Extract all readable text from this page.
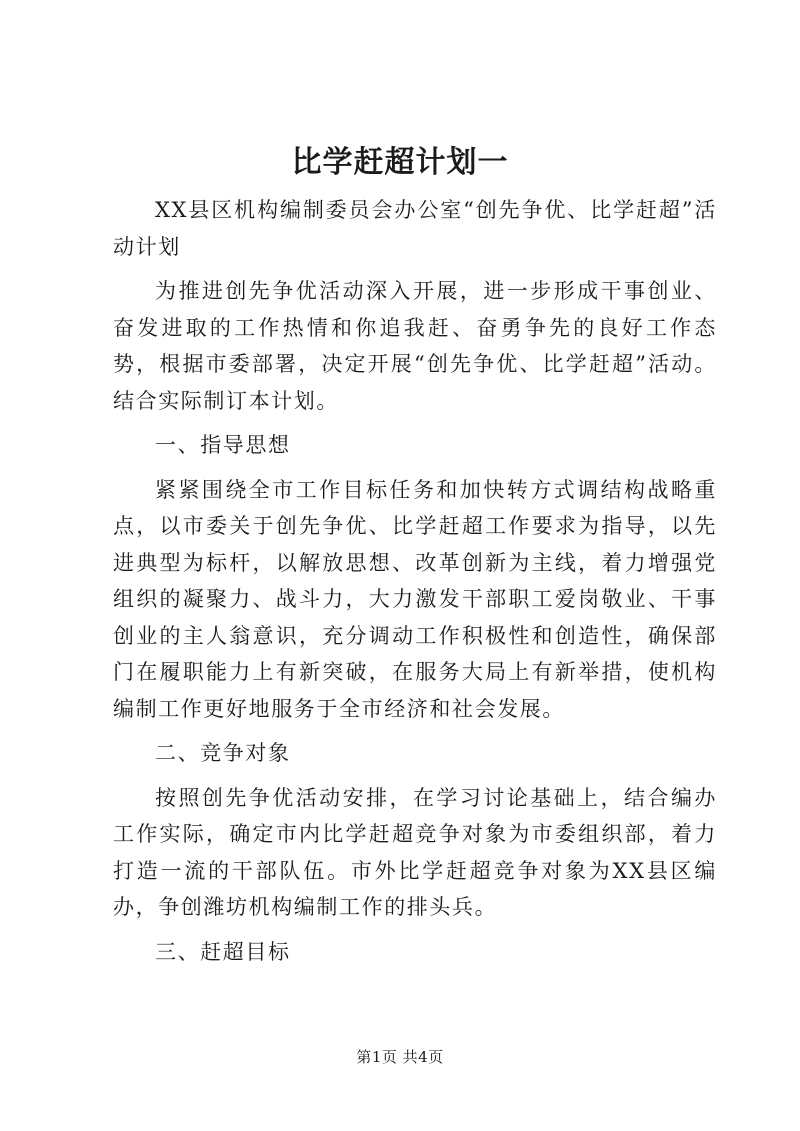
比学赶超计划一

XX县区机构编制委员会办公室“创先争优、比学赶超”活动计划

为推进创先争优活动深入开展，进一步形成干事创业、奋发进取的工作热情和你追我赶、奋勇争先的良好工作态势，根据市委部署，决定开展“创先争优、比学赶超”活动。结合实际制订本计划。

一、指导思想

紧紧围绕全市工作目标任务和加快转方式调结构战略重点，以市委关于创先争优、比学赶超工作要求为指导，以先进典型为标杆，以解放思想、改革创新为主线，着力增强党组织的凝聚力、战斗力，大力激发干部职工爱岗敬业、干事创业的主人翁意识，充分调动工作积极性和创造性，确保部门在履职能力上有新突破，在服务大局上有新举措，使机构编制工作更好地服务于全市经济和社会发展。

二、竞争对象

按照创先争优活动安排，在学习讨论基础上，结合编办工作实际，确定市内比学赶超竞争对象为市委组织部，着力打造一流的干部队伍。市外比学赶超竞争对象为XX县区编办，争创潍坊机构编制工作的排头兵。

三、赶超目标

第1页 共4页
